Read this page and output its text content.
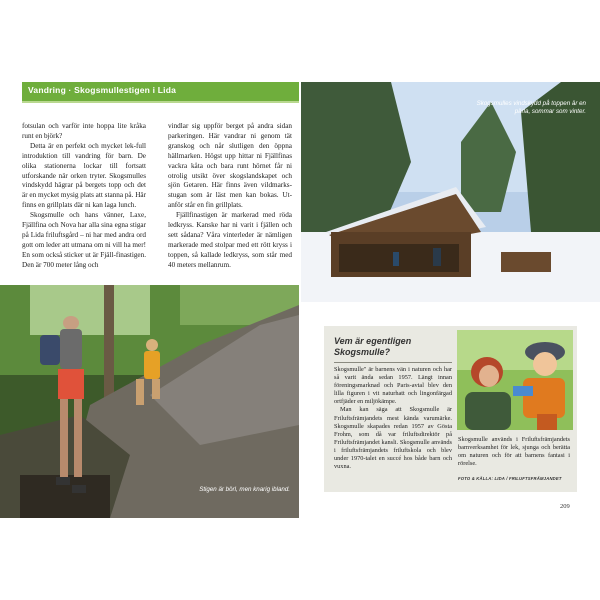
Vandring · Skogsmullestigen i Lida

fotsulan och varför inte hoppa lite kråka runt en björk?

Detta är en perfekt och mycket lek-full introduktion till vandring för barn. De olika stationerna lockar till fortsatt utforskande när orken tryter. Skogsmulles vindskydd hägrar på bergets topp och det är en mycket mysig plats att stanna på. Här finns en grillplats där ni kan laga lunch.

Skogsmulle och hans vänner, Laxe, Fjällfina och Nova har alla sina egna stigar på Lida friluftsgård – ni har med andra ord gott om leder att utmana om ni vill ha mer! En som också sticker ut är Fjäll-finastigen. Den är 700 meter lång och

vindlar sig uppför berget på andra sidan parkeringen. Här vandrar ni genom tät granskog och når slutligen den öppna hällmarken. Högst upp hittar ni Fjällfinas vackra kåta och bara runt hörnet får ni otrolig utsikt över skogslandskapet och sjön Getaren. Här finns även vildmarks-stugan som är läst men kan bokas. Ut-anför står en fin grillplats.

Fjällfinastigen är markerad med röda ledkryss. Kanske har ni varit i fjällen och sett sådana? Våra vinterleder är nämligen markerade med stolpar med ett rött kryss i toppen, så kallade ledkryss, som står med 40 meters mellanrum.

Stigen är börl, men knarig ibland.
Skogsmulles vindskydd på toppen är en pärla, sommar som vinter.
Vem är egentligen Skogsmulle?

Skogsmulle" är barnens vän i naturen och har så varit ända sedan 1957. Längt innan föreningsmarknad och Paris-avtal blev den lilla figuren i vit naturhatt och lingonfärgad ortfjäder en miljökämpe.

Man kan säga att Skogsmulle är Friluftsfrämjandets mest kända varumärke. Skogsmulle skapades redan 1957 av Gösta Frohm, som då var friluftsdirektör på Friluftsfrämjandet kansli. Skogsmulle används i friluftsfrämjandets friluftskola och blev under 1970-talet en succé hos både barn och vuxna.

Skogsmulle används i Friluftsfrämjandets barnverksamhet för lek, sjunga och berätta om naturen och för att barnens fantasi i rörelse.
FOTO & KÄLLA: LIDA / FRILUFTSFRÄMJANDET
209
